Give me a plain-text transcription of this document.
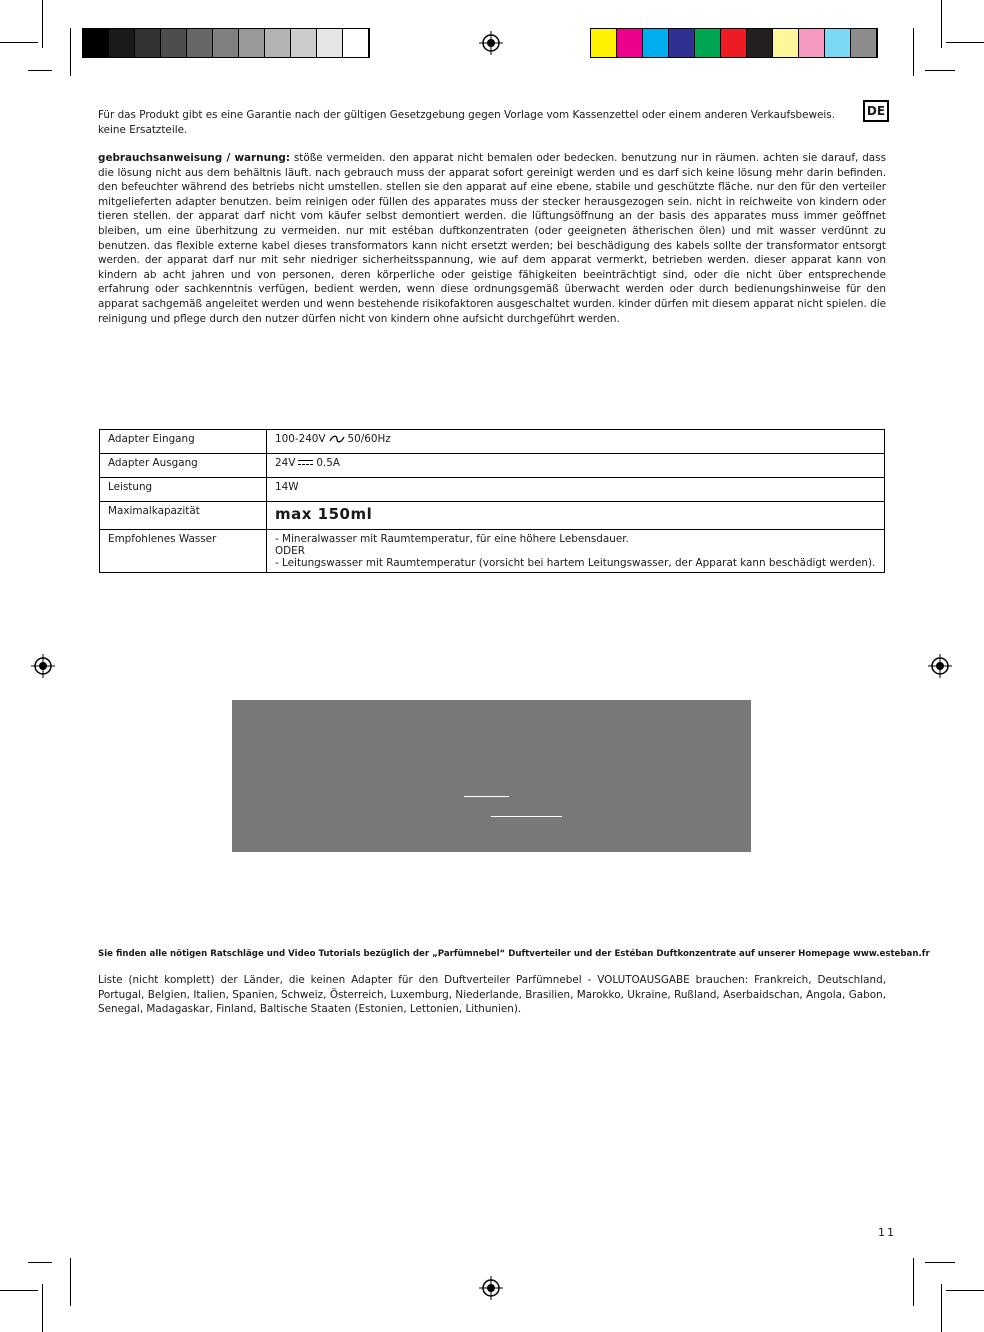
DE
Für das Produkt gibt es eine Garantie nach der gültigen Gesetzgebung gegen Vorlage vom Kassenzettel oder einem anderen Verkaufsbeweis.
keine Ersatzteile.
gebrauchsanweisung / warnung: stöße vermeiden. den apparat nicht bemalen oder bedecken. benutzung nur in räumen. achten sie darauf, dass die lösung nicht aus dem behältnis läuft. nach gebrauch muss der apparat sofort gereinigt werden und es darf sich keine lösung mehr darin befinden. den befeuchter während des betriebs nicht umstellen. stellen sie den apparat auf eine ebene, stabile und geschützte fläche. nur den für den verteiler mitgelieferten adapter benutzen. beim reinigen oder füllen des apparates muss der stecker herausgezogen sein. nicht in reichweite von kindern oder tieren stellen. der apparat darf nicht vom käufer selbst demontiert werden. die lüftungsöffnung an der basis des apparates muss immer geöffnet bleiben, um eine überhitzung zu vermeiden. nur mit estéban duftkonzentraten (oder geeigneten ätherischen ölen) und mit wasser verdünnt zu benutzen. das flexible externe kabel dieses transformators kann nicht ersetzt werden; bei beschädigung des kabels sollte der transformator entsorgt werden. der apparat darf nur mit sehr niedriger sicherheitsspannung, wie auf dem apparat vermerkt, betrieben werden. dieser apparat kann von kindern ab acht jahren und von personen, deren körperliche oder geistige fähigkeiten beeinträchtigt sind, oder die nicht über entsprechende erfahrung oder sachkenntnis verfügen, bedient werden, wenn diese ordnungsgemäß überwacht werden oder durch bedienungshinweise für den apparat sachgemäß angeleitet werden und wenn bestehende risikofaktoren ausgeschaltet wurden. kinder dürfen mit diesem apparat nicht spielen. die reinigung und pflege durch den nutzer dürfen nicht von kindern ohne aufsicht durchgeführt werden.
Adapter Eingang	100-240V 50/60Hz
Adapter Ausgang	24V 0.5A
Leistung	14W
Maximalkapazität	max 150ml
Empfohlenes Wasser	- Mineralwasser mit Raumtemperatur, für eine höhere Lebensdauer.
ODER
- Leitungswasser mit Raumtemperatur (vorsicht bei hartem Leitungswasser, der Apparat kann beschädigt werden).
Sie finden alle nötigen Ratschläge und Video Tutorials bezüglich der „Parfümnebel“ Duftverteiler und der Estéban Duftkonzentrate auf unserer Homepage www.esteban.fr
Liste (nicht komplett) der Länder, die keinen Adapter für den Duftverteiler Parfümnebel - VOLUTOAUSGABE brauchen: Frankreich, Deutschland, Portugal, Belgien, Italien, Spanien, Schweiz, Österreich, Luxemburg, Niederlande, Brasilien, Marokko, Ukraine, Rußland, Aserbaidschan, Angola, Gabon, Senegal, Madagaskar, Finland, Baltische Staaten (Estonien, Lettonien, Lithunien).
11
